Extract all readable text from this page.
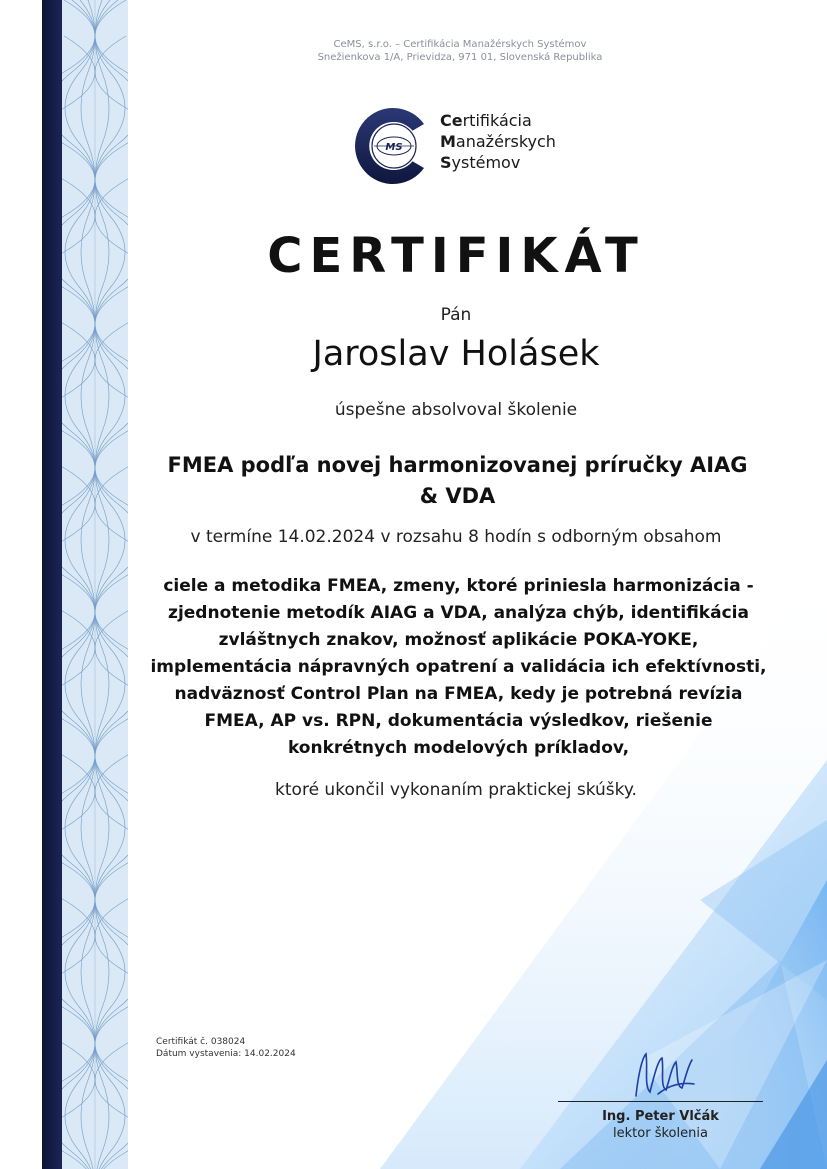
CeMS, s.r.o. – Certifikácia Manažérskych Systémov
Snežienkova 1/A, Prievidza, 971 01, Slovenská Republika
MS
Certifikácia
Manažérskych
Systémov
CERTIFIKÁT
Pán
Jaroslav Holásek
úspešne absolvoval školenie
FMEA podľa novej harmonizovanej príručky AIAG & VDA
v termíne 14.02.2024 v rozsahu 8 hodín s odborným obsahom
ciele a metodika FMEA, zmeny, ktoré priniesla harmonizácia - zjednotenie metodík AIAG a VDA, analýza chýb, identifikácia zvláštnych znakov, možnosť aplikácie POKA-YOKE, implementácia nápravných opatrení a validácia ich efektívnosti, nadväznosť Control Plan na FMEA, kedy je potrebná revízia FMEA, AP vs. RPN, dokumentácia výsledkov, riešenie konkrétnych modelových príkladov,
ktoré ukončil vykonaním praktickej skúšky.
Certifikát č. 038024
Dátum vystavenia: 14.02.2024
Ing. Peter Vlčák
lektor školenia
